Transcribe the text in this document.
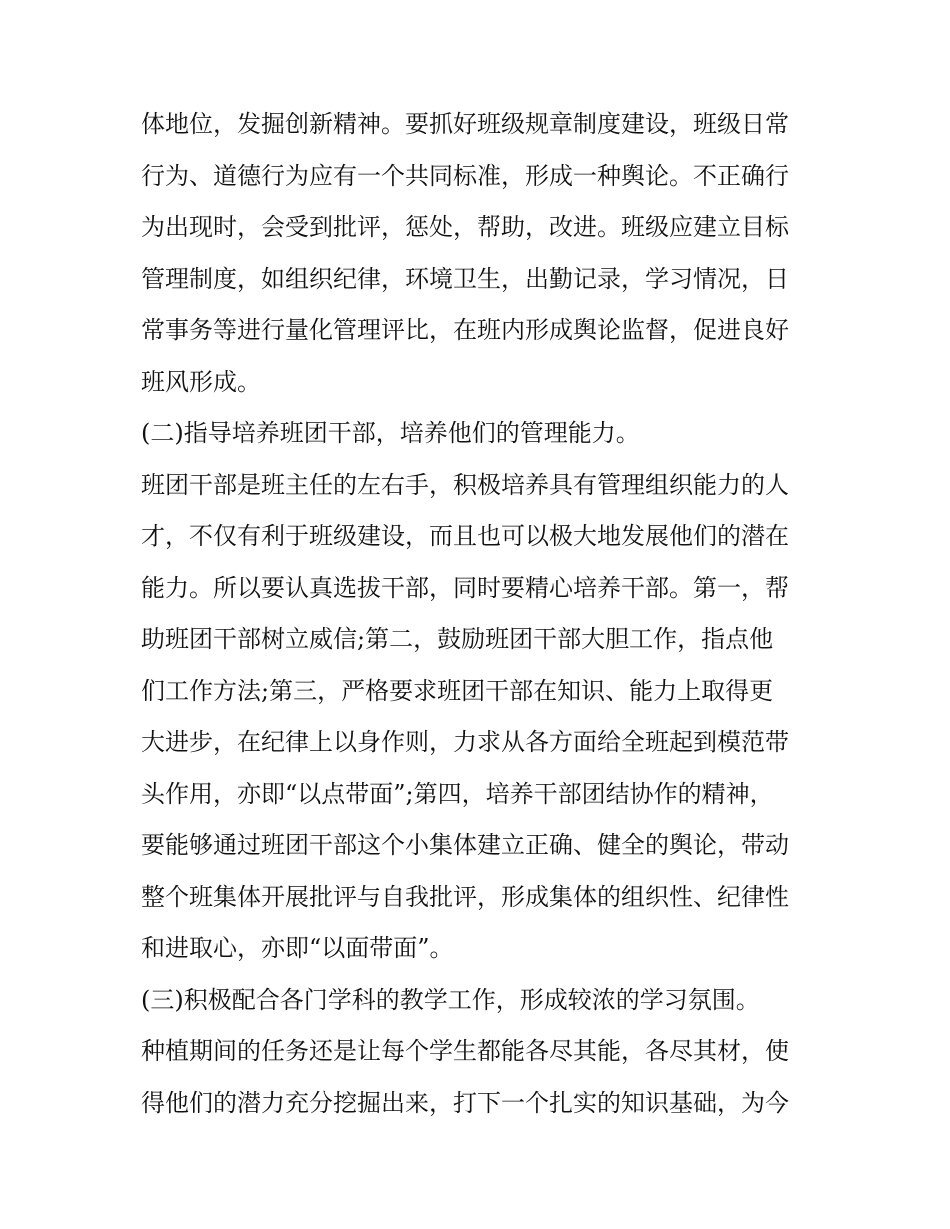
体地位，发掘创新精神。要抓好班级规章制度建设，班级日常
行为、道德行为应有一个共同标准，形成一种舆论。不正确行
为出现时，会受到批评，惩处，帮助，改进。班级应建立目标
管理制度，如组织纪律，环境卫生，出勤记录，学习情况，日
常事务等进行量化管理评比，在班内形成舆论监督，促进良好
班风形成。
(二)指导培养班团干部，培养他们的管理能力。
班团干部是班主任的左右手，积极培养具有管理组织能力的人
才，不仅有利于班级建设，而且也可以极大地发展他们的潜在
能力。所以要认真选拔干部，同时要精心培养干部。第一，帮
助班团干部树立威信;第二，鼓励班团干部大胆工作，指点他
们工作方法;第三，严格要求班团干部在知识、能力上取得更
大进步，在纪律上以身作则，力求从各方面给全班起到模范带
头作用，亦即“以点带面”;第四，培养干部团结协作的精神，
要能够通过班团干部这个小集体建立正确、健全的舆论，带动
整个班集体开展批评与自我批评，形成集体的组织性、纪律性
和进取心，亦即“以面带面”。
(三)积极配合各门学科的教学工作，形成较浓的学习氛围。
种植期间的任务还是让每个学生都能各尽其能，各尽其材，使
得他们的潜力充分挖掘出来，打下一个扎实的知识基础，为今
